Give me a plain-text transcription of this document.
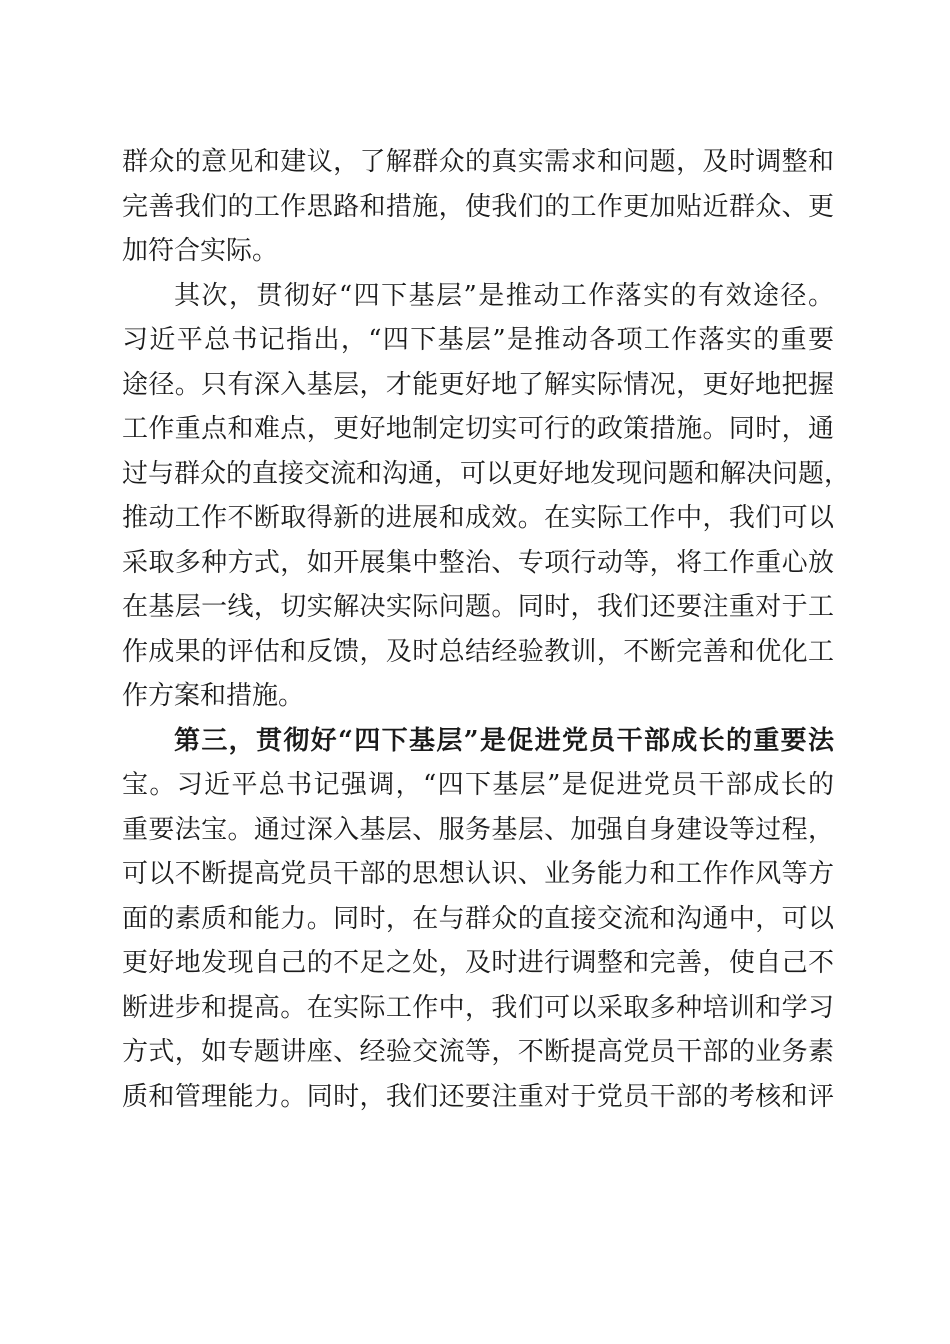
群众的意见和建议，了解群众的真实需求和问题，及时调整和
完善我们的工作思路和措施，使我们的工作更加贴近群众、更
加符合实际。
其次，贯彻好“四下基层”是推动工作落实的有效途径。
习近平总书记指出，“四下基层”是推动各项工作落实的重要
途径。只有深入基层，才能更好地了解实际情况，更好地把握
工作重点和难点，更好地制定切实可行的政策措施。同时，通
过与群众的直接交流和沟通，可以更好地发现问题和解决问题，
推动工作不断取得新的进展和成效。在实际工作中，我们可以
采取多种方式，如开展集中整治、专项行动等，将工作重心放
在基层一线，切实解决实际问题。同时，我们还要注重对于工
作成果的评估和反馈，及时总结经验教训，不断完善和优化工
作方案和措施。
第三，贯彻好“四下基层”是促进党员干部成长的重要法
宝。习近平总书记强调，“四下基层”是促进党员干部成长的
重要法宝。通过深入基层、服务基层、加强自身建设等过程，
可以不断提高党员干部的思想认识、业务能力和工作作风等方
面的素质和能力。同时，在与群众的直接交流和沟通中，可以
更好地发现自己的不足之处，及时进行调整和完善，使自己不
断进步和提高。在实际工作中，我们可以采取多种培训和学习
方式，如专题讲座、经验交流等，不断提高党员干部的业务素
质和管理能力。同时，我们还要注重对于党员干部的考核和评
